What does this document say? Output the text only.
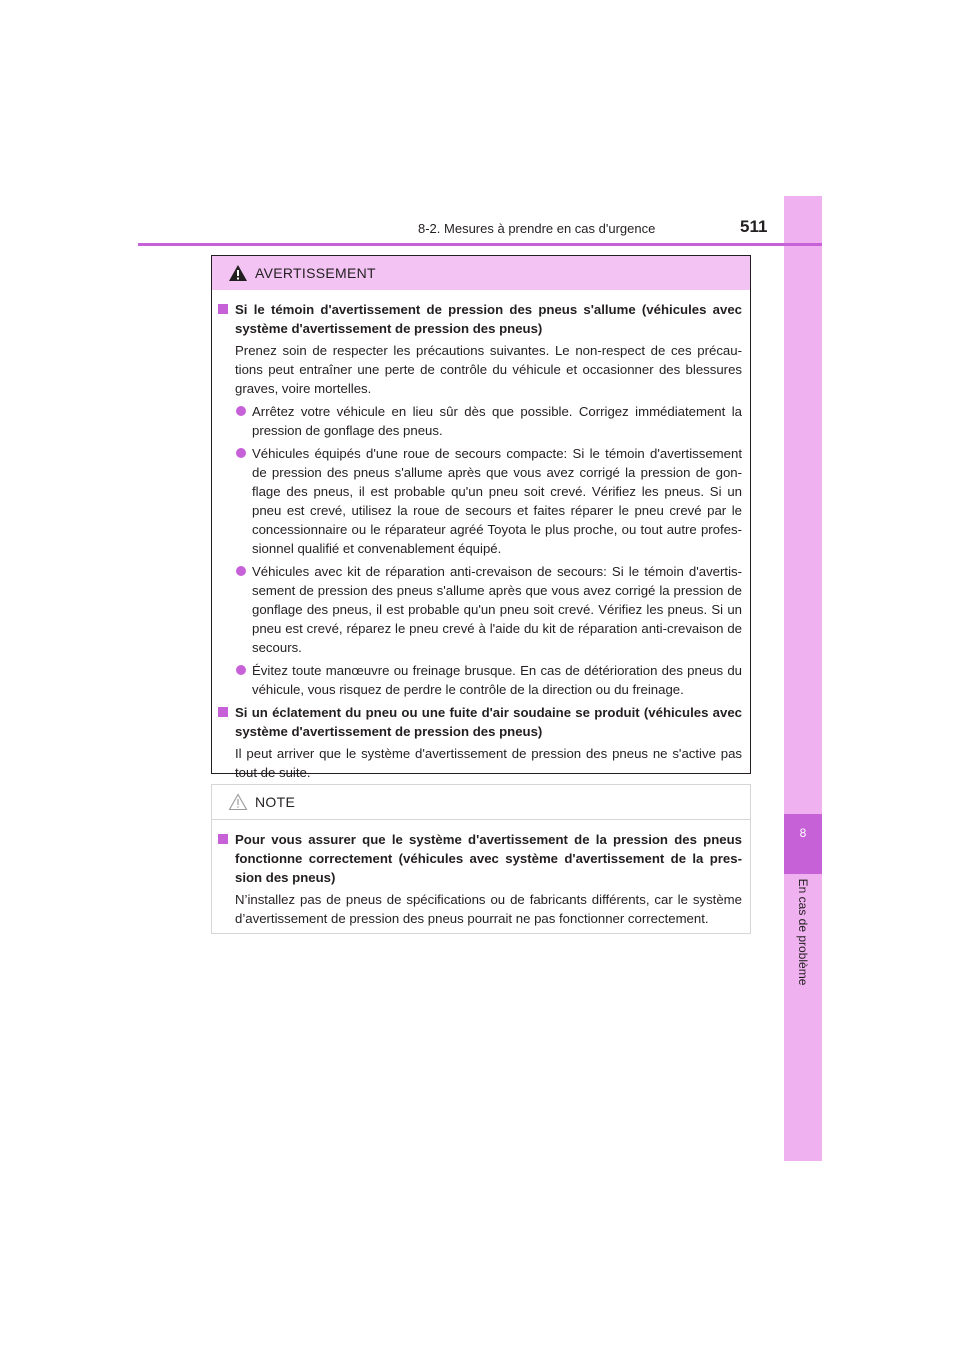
8
En cas de problème
8-2. Mesures à prendre en cas d'urgence	511
AVERTISSEMENT
Si le témoin d'avertissement de pression des pneus s'allume (véhicules avec système d'avertissement de pression des pneus)
Prenez soin de respecter les précautions suivantes. Le non-respect de ces précau-tions peut entraîner une perte de contrôle du véhicule et occasionner des blessures graves, voire mortelles.
Arrêtez votre véhicule en lieu sûr dès que possible. Corrigez immédiatement la pression de gonflage des pneus.
Véhicules équipés d'une roue de secours compacte: Si le témoin d'avertissement de pression des pneus s'allume après que vous avez corrigé la pression de gon-flage des pneus, il est probable qu'un pneu soit crevé. Vérifiez les pneus. Si un pneu est crevé, utilisez la roue de secours et faites réparer le pneu crevé par le concessionnaire ou le réparateur agréé Toyota le plus proche, ou tout autre profes-sionnel qualifié et convenablement équipé.
Véhicules avec kit de réparation anti-crevaison de secours: Si le témoin d'avertis-sement de pression des pneus s'allume après que vous avez corrigé la pression de gonflage des pneus, il est probable qu'un pneu soit crevé. Vérifiez les pneus. Si un pneu est crevé, réparez le pneu crevé à l'aide du kit de réparation anti-crevaison de secours.
Évitez toute manœuvre ou freinage brusque. En cas de détérioration des pneus du véhicule, vous risquez de perdre le contrôle de la direction ou du freinage.
Si un éclatement du pneu ou une fuite d'air soudaine se produit (véhicules avec système d'avertissement de pression des pneus)
Il peut arriver que le système d'avertissement de pression des pneus ne s'active pas tout de suite.
NOTE
Pour vous assurer que le système d'avertissement de la pression des pneus fonctionne correctement (véhicules avec système d'avertissement de la pres-sion des pneus)
N’installez pas de pneus de spécifications ou de fabricants différents, car le système d’avertissement de pression des pneus pourrait ne pas fonctionner correctement.
